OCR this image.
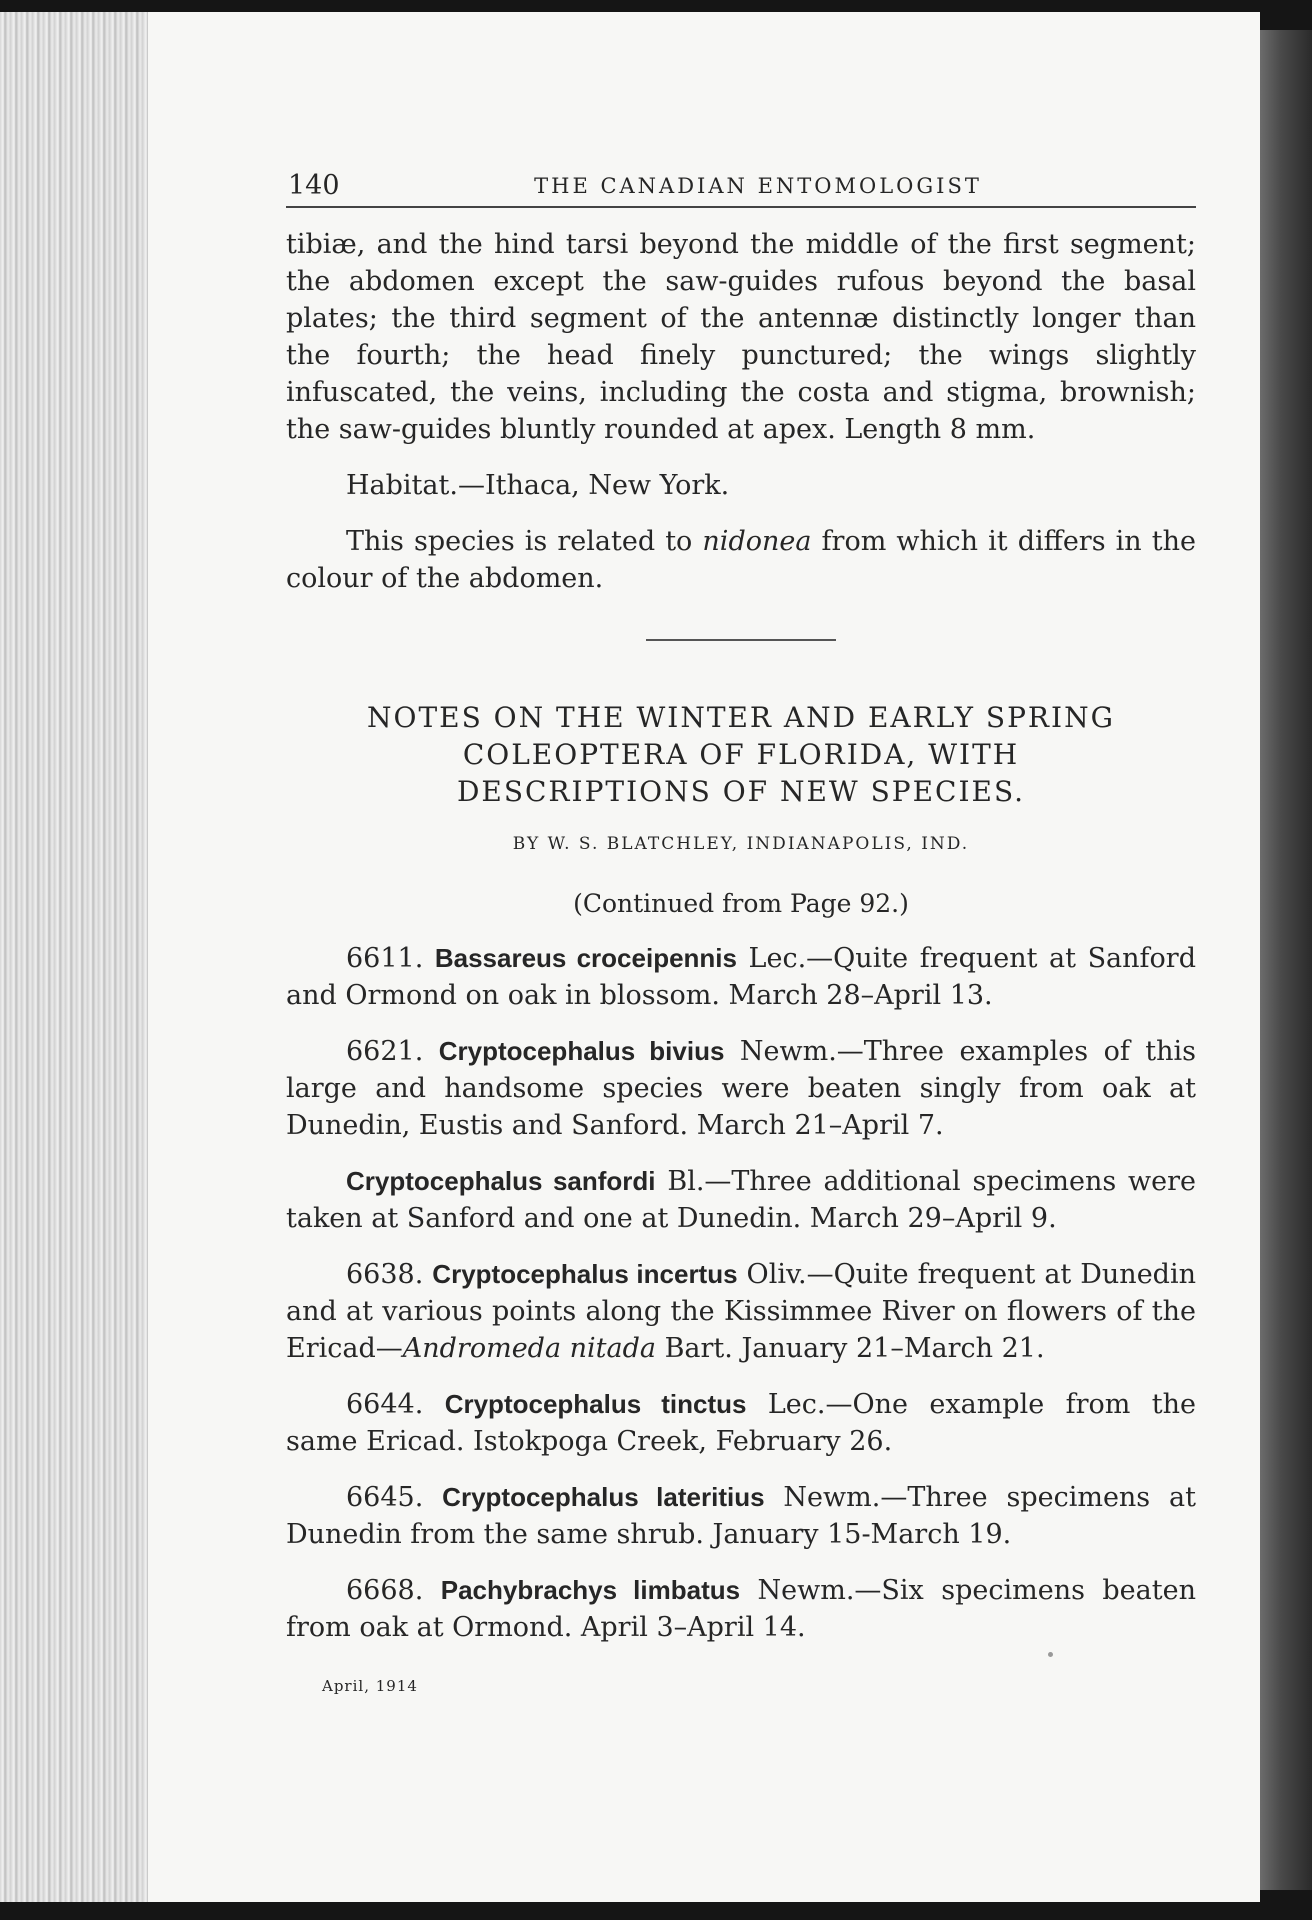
140	THE CANADIAN ENTOMOLOGIST

tibiæ, and the hind tarsi beyond the middle of the first segment; the abdomen except the saw-guides rufous beyond the basal plates; the third segment of the antennæ distinctly longer than the fourth; the head finely punctured; the wings slightly infuscated, the veins, including the costa and stigma, brownish; the saw-guides bluntly rounded at apex. Length 8 mm.

Habitat.—Ithaca, New York.

This species is related to nidonea from which it differs in the colour of the abdomen.

NOTES ON THE WINTER AND EARLY SPRING COLEOPTERA OF FLORIDA, WITH DESCRIPTIONS OF NEW SPECIES.
BY W. S. BLATCHLEY, INDIANAPOLIS, IND.
(Continued from Page 92.)

6611. Bassareus croceipennis Lec.—Quite frequent at Sanford and Ormond on oak in blossom. March 28–April 13.

6621. Cryptocephalus bivius Newm.—Three examples of this large and handsome species were beaten singly from oak at Dunedin, Eustis and Sanford. March 21–April 7.

Cryptocephalus sanfordi Bl.—Three additional specimens were taken at Sanford and one at Dunedin. March 29–April 9.

6638. Cryptocephalus incertus Oliv.—Quite frequent at Dunedin and at various points along the Kissimmee River on flowers of the Ericad—Andromeda nitada Bart. January 21–March 21.

6644. Cryptocephalus tinctus Lec.—One example from the same Ericad. Istokpoga Creek, February 26.

6645. Cryptocephalus lateritius Newm.—Three specimens at Dunedin from the same shrub. January 15-March 19.

6668. Pachybrachys limbatus Newm.—Six specimens beaten from oak at Ormond. April 3–April 14.

April, 1914
